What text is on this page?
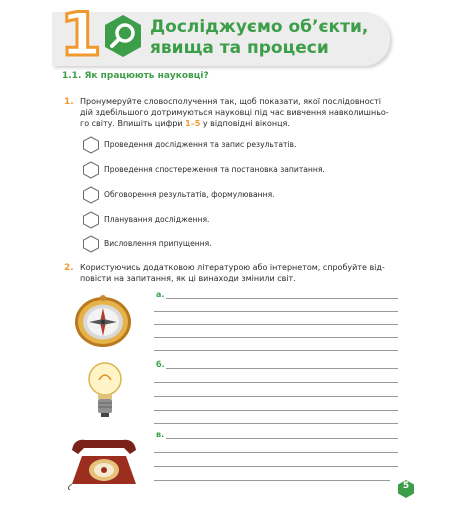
1	Досліджуємо об’єкти,
явища та процеси
1.1. Як працюють науковці?
1. Пронумеруйте словосполучення так, щоб показати, якої послідовності
дій здебільшого дотримуються науковці під час вивчення навколишньо-
го світу. Впишіть цифри 1–5 у відповідні віконця.
Проведення дослідження та запис результатів.
Проведення спостереження та постановка запитання.
Обговорення результатів, формулювання.
Планування дослідження.
Висловлення припущення.
2. Користуючись додатковою літературою або інтернетом, спробуйте від-
повісти на запитання, як ці винаходи змінили світ.
а.
б.
в.
5
